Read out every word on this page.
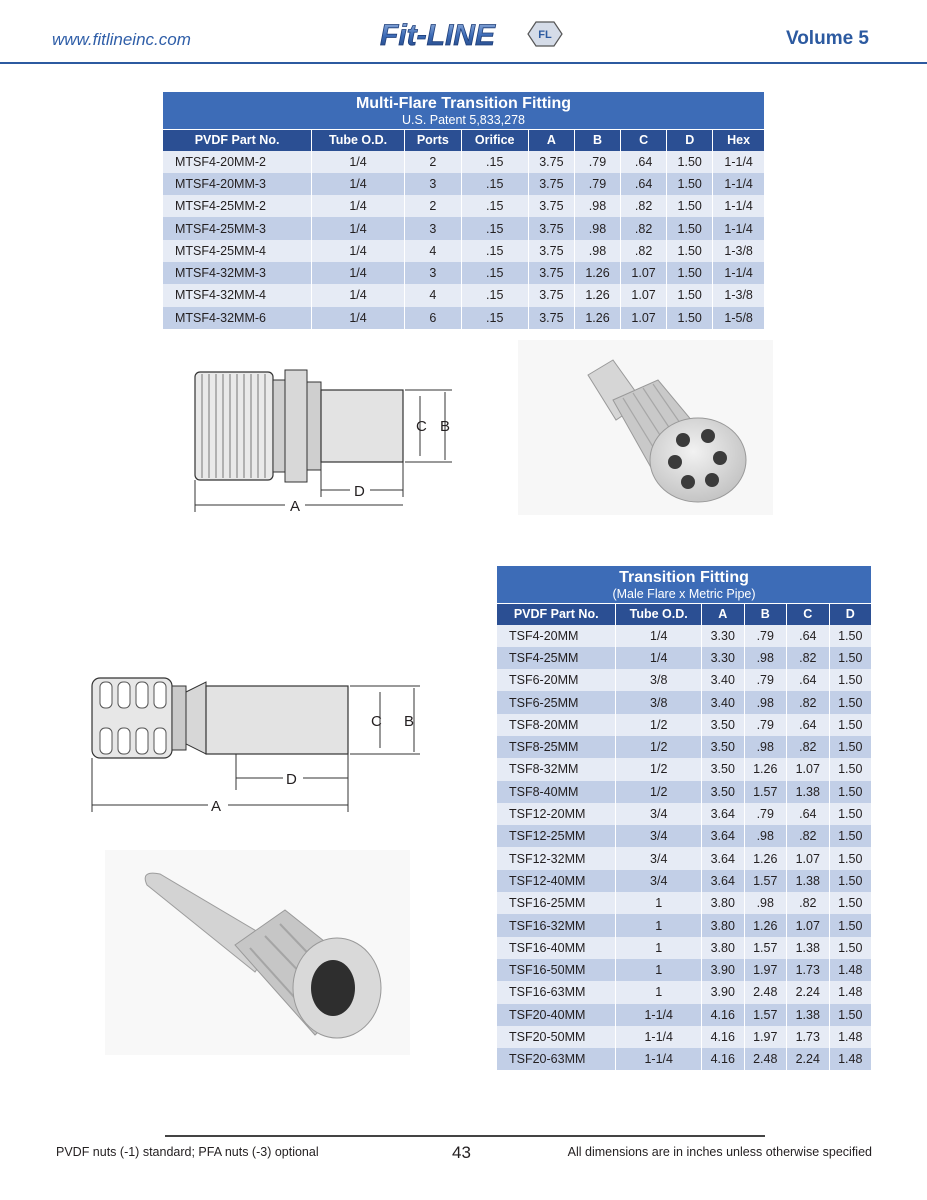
www.fitlineinc.com	Fit-LINE	FL	Volume 5
Multi-Flare Transition Fitting
U.S. Patent 5,833,278								

PVDF Part No.	Tube O.D.	Ports	Orifice	A	B	C	D	Hex
MTSF4-20MM-2	1/4	2	.15	3.75	.79	.64	1.50	1-1/4
MTSF4-20MM-3	1/4	3	.15	3.75	.79	.64	1.50	1-1/4
MTSF4-25MM-2	1/4	2	.15	3.75	.98	.82	1.50	1-1/4
MTSF4-25MM-3	1/4	3	.15	3.75	.98	.82	1.50	1-1/4
MTSF4-25MM-4	1/4	4	.15	3.75	.98	.82	1.50	1-3/8
MTSF4-32MM-3	1/4	3	.15	3.75	1.26	1.07	1.50	1-1/4
MTSF4-32MM-4	1/4	4	.15	3.75	1.26	1.07	1.50	1-3/8
MTSF4-32MM-6	1/4	6	.15	3.75	1.26	1.07	1.50	1-5/8
C B
D
A
Transition Fitting
(Male Flare x Metric Pipe)					

PVDF Part No.	Tube O.D.	A	B	C	D
TSF4-20MM	1/4	3.30	.79	.64	1.50
TSF4-25MM	1/4	3.30	.98	.82	1.50
TSF6-20MM	3/8	3.40	.79	.64	1.50
TSF6-25MM	3/8	3.40	.98	.82	1.50
TSF8-20MM	1/2	3.50	.79	.64	1.50
TSF8-25MM	1/2	3.50	.98	.82	1.50
TSF8-32MM	1/2	3.50	1.26	1.07	1.50
TSF8-40MM	1/2	3.50	1.57	1.38	1.50
TSF12-20MM	3/4	3.64	.79	.64	1.50
TSF12-25MM	3/4	3.64	.98	.82	1.50
TSF12-32MM	3/4	3.64	1.26	1.07	1.50
TSF12-40MM	3/4	3.64	1.57	1.38	1.50
TSF16-25MM	1	3.80	.98	.82	1.50
TSF16-32MM	1	3.80	1.26	1.07	1.50
TSF16-40MM	1	3.80	1.57	1.38	1.50
TSF16-50MM	1	3.90	1.97	1.73	1.48
TSF16-63MM	1	3.90	2.48	2.24	1.48
TSF20-40MM	1-1/4	4.16	1.57	1.38	1.50
TSF20-50MM	1-1/4	4.16	1.97	1.73	1.48
TSF20-63MM	1-1/4	4.16	2.48	2.24	1.48
C B
D
A
PVDF nuts (-1) standard; PFA nuts (-3) optional	43	All dimensions are in inches unless otherwise specified
